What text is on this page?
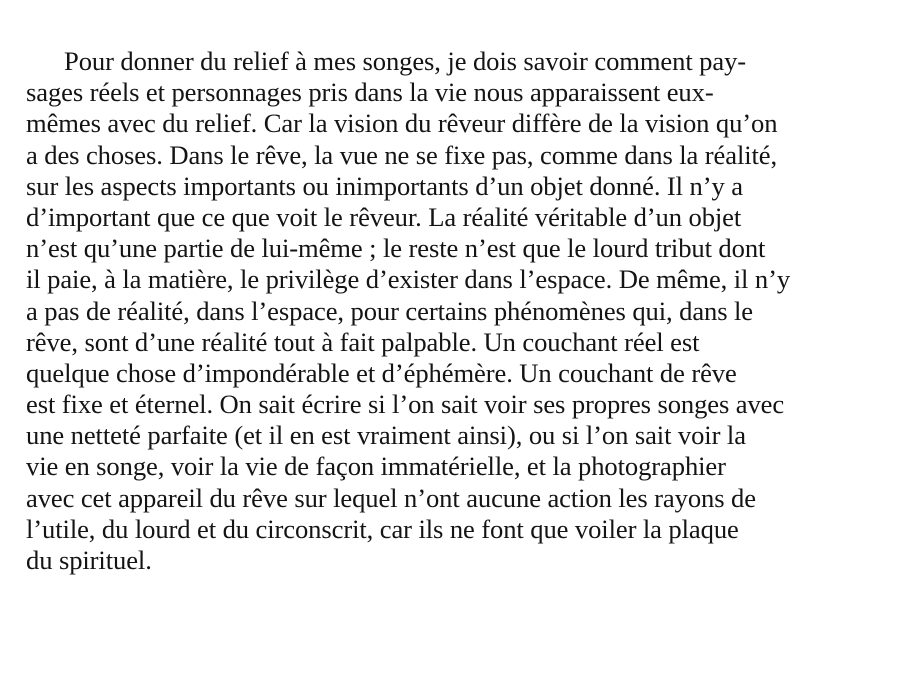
Pour donner du relief à mes songes, je dois savoir comment pay-
sages réels et personnages pris dans la vie nous apparaissent eux-
mêmes avec du relief. Car la vision du rêveur diffère de la vision qu’on
a des choses. Dans le rêve, la vue ne se fixe pas, comme dans la réalité,
sur les aspects importants ou inimportants d’un objet donné. Il n’y a
d’important que ce que voit le rêveur. La réalité véritable d’un objet
n’est qu’une partie de lui-même ; le reste n’est que le lourd tribut dont
il paie, à la matière, le privilège d’exister dans l’espace. De même, il n’y
a pas de réalité, dans l’espace, pour certains phénomènes qui, dans le
rêve, sont d’une réalité tout à fait palpable. Un couchant réel est
quelque chose d’impondérable et d’éphémère. Un couchant de rêve
est fixe et éternel. On sait écrire si l’on sait voir ses propres songes avec
une netteté parfaite (et il en est vraiment ainsi), ou si l’on sait voir la
vie en songe, voir la vie de façon immatérielle, et la photographier
avec cet appareil du rêve sur lequel n’ont aucune action les rayons de
l’utile, du lourd et du circonscrit, car ils ne font que voiler la plaque
du spirituel.
